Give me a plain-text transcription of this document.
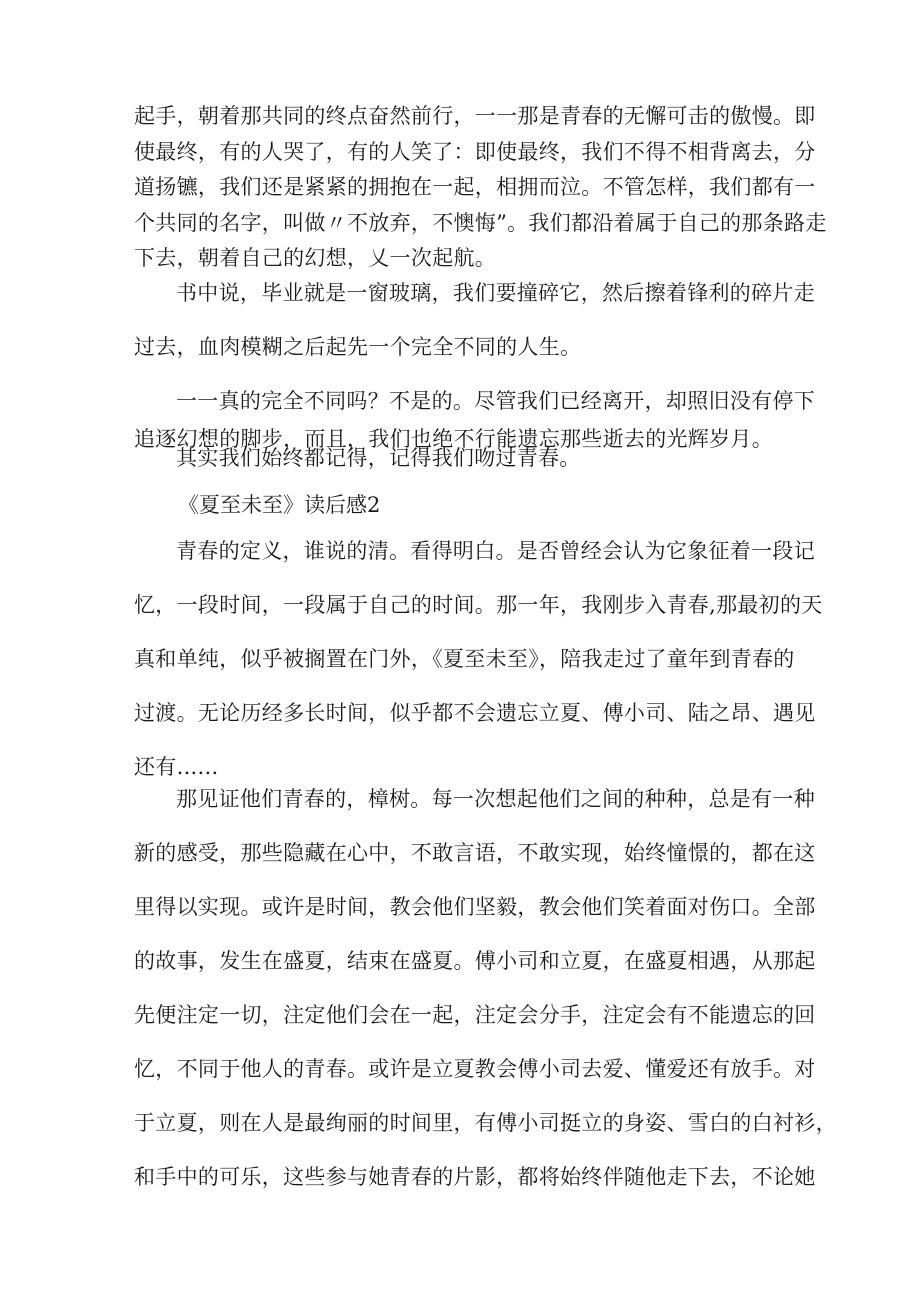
起手，朝着那共同的终点奋然前行，一一那是青春的无懈可击的傲慢。即
使最终，有的人哭了，有的人笑了：即使最终，我们不得不相背离去，分
道扬镳，我们还是紧紧的拥抱在一起，相拥而泣。不管怎样，我们都有一
个共同的名字，叫做〃不放弃，不懊悔”。我们都沿着属于自己的那条路走
下去，朝着自己的幻想，乂一次起航。
书中说，毕业就是一窗玻璃，我们要撞碎它，然后擦着锋利的碎片走
过去，血肉模糊之后起先一个完全不同的人生。
一一真的完全不同吗？不是的。尽管我们已经离开，却照旧没有停下
追逐幻想的脚步，而且，我们也绝不行能遗忘那些逝去的光辉岁月。
其实我们始终都记得，记得我们吻过青春。
《夏至未至》读后感2
青春的定义，谁说的清。看得明白。是否曾经会认为它象征着一段记
忆，一段时间，一段属于自己的时间。那一年，我刚步入青春,那最初的天
真和单纯，似乎被搁置在门外，《夏至未至》，陪我走过了童年到青春的
过渡。无论历经多长时间，似乎都不会遗忘立夏、傅小司、陆之昂、遇见
还有......
那见证他们青春的，樟树。每一次想起他们之间的种种，总是有一种
新的感受，那些隐藏在心中，不敢言语，不敢实现，始终憧憬的，都在这
里得以实现。或许是时间，教会他们坚毅，教会他们笑着面对伤口。全部
的故事，发生在盛夏，结束在盛夏。傅小司和立夏，在盛夏相遇，从那起
先便注定一切，注定他们会在一起，注定会分手，注定会有不能遗忘的回
忆，不同于他人的青春。或许是立夏教会傅小司去爱、懂爱还有放手。对
于立夏，则在人是最绚丽的时间里，有傅小司挺立的身姿、雪白的白衬衫，
和手中的可乐，这些参与她青春的片影，都将始终伴随他走下去，不论她
